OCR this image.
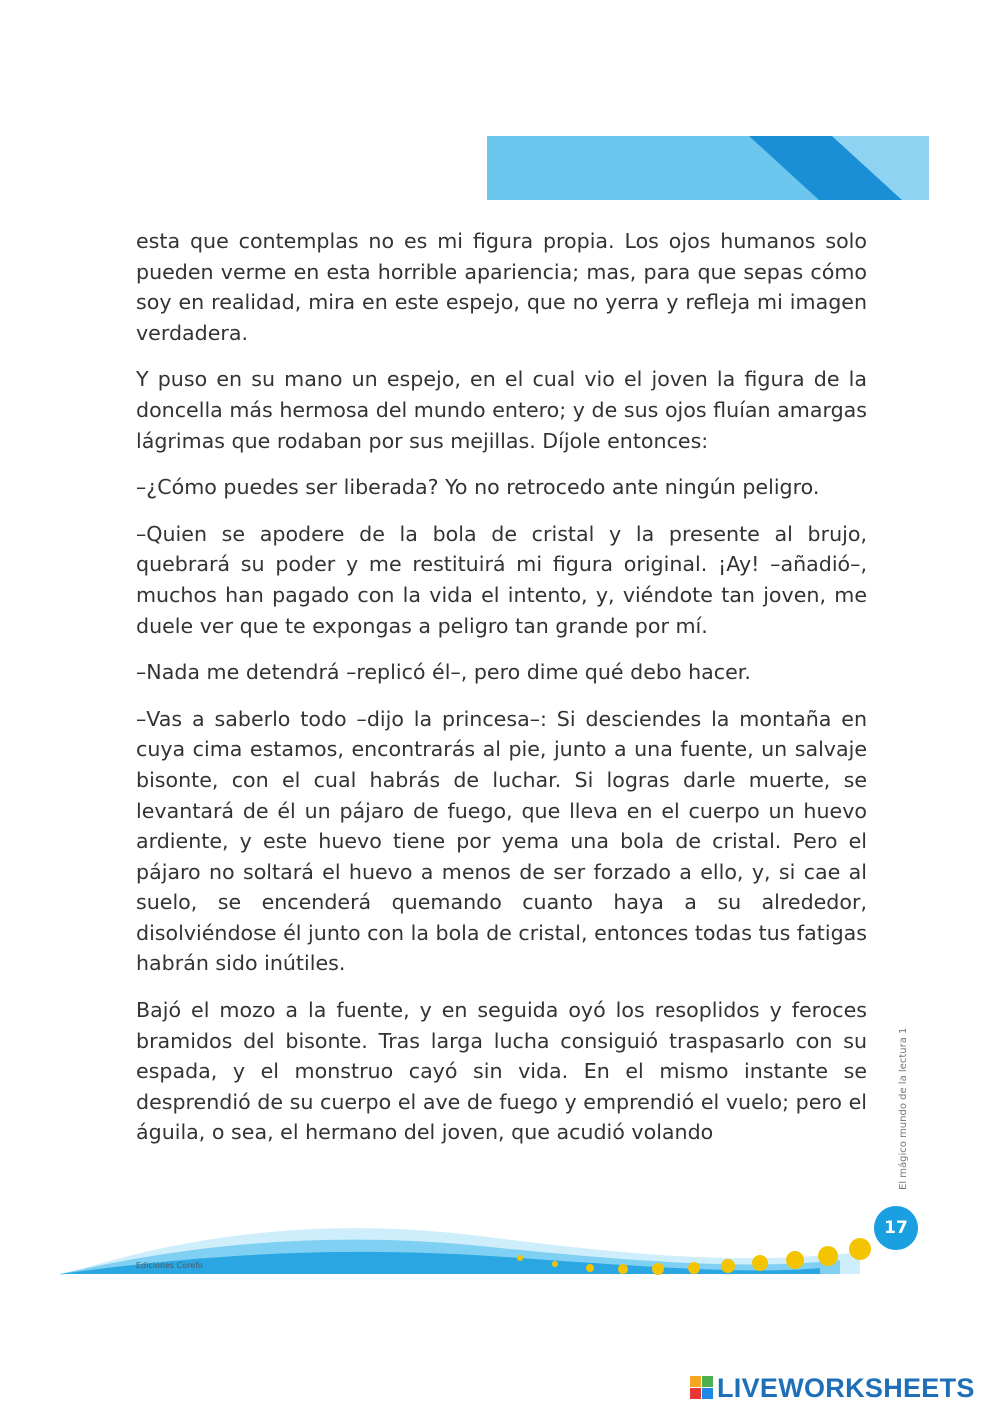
esta que contemplas no es mi figura propia. Los ojos humanos solo pueden verme en esta horrible apariencia; mas, para que sepas cómo soy en realidad, mira en este espejo, que no yerra y refleja mi imagen verdadera.

Y puso en su mano un espejo, en el cual vio el joven la figura de la doncella más hermosa del mundo entero; y de sus ojos fluían amargas lágrimas que rodaban por sus mejillas. Díjole entonces:

–¿Cómo puedes ser liberada? Yo no retrocedo ante ningún peligro.

–Quien se apodere de la bola de cristal y la presente al brujo, quebrará su poder y me restituirá mi figura original. ¡Ay! –añadió–, muchos han pagado con la vida el intento, y, viéndote tan joven, me duele ver que te expongas a peligro tan grande por mí.

–Nada me detendrá –replicó él–, pero dime qué debo hacer.

–Vas a saberlo todo –dijo la princesa–: Si desciendes la montaña en cuya cima estamos, encontrarás al pie, junto a una fuente, un salvaje bisonte, con el cual habrás de luchar. Si logras darle muerte, se levantará de él un pájaro de fuego, que lleva en el cuerpo un huevo ardiente, y este huevo tiene por yema una bola de cristal. Pero el pájaro no soltará el huevo a menos de ser forzado a ello, y, si cae al suelo, se encenderá quemando cuanto haya a su alrededor, disolviéndose él junto con la bola de cristal, entonces todas tus fatigas habrán sido inútiles.

Bajó el mozo a la fuente, y en seguida oyó los resoplidos y feroces bramidos del bisonte. Tras larga lucha consiguió traspasarlo con su espada, y el monstruo cayó sin vida. En el mismo instante se desprendió de su cuerpo el ave de fuego y emprendió el vuelo; pero el águila, o sea, el hermano del joven, que acudió volando	El mágico mundo de la lectura 1
17
Ediciones Corefo
LIVEWORKSHEETS
